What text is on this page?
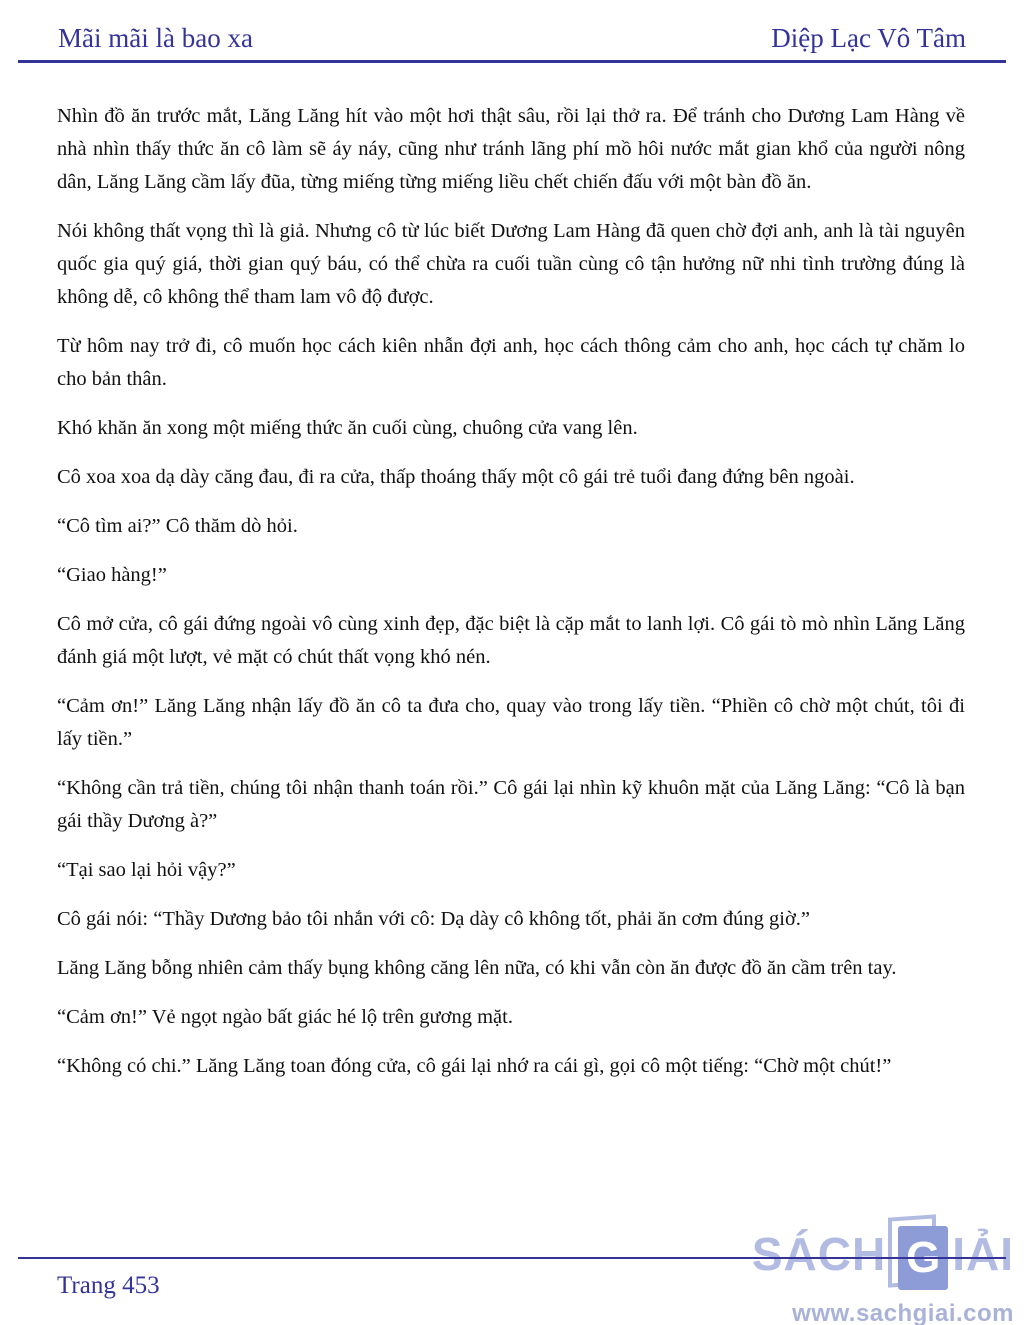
Mãi mãi là bao xa	Diệp Lạc Vô Tâm

Nhìn đồ ăn trước mắt, Lăng Lăng hít vào một hơi thật sâu, rồi lại thở ra. Để tránh cho Dương Lam Hàng về nhà nhìn thấy thức ăn cô làm sẽ áy náy, cũng như tránh lãng phí mồ hôi nước mắt gian khổ của người nông dân, Lăng Lăng cầm lấy đũa, từng miếng từng miếng liều chết chiến đấu với một bàn đồ ăn.

Nói không thất vọng thì là giả. Nhưng cô từ lúc biết Dương Lam Hàng đã quen chờ đợi anh, anh là tài nguyên quốc gia quý giá, thời gian quý báu, có thể chừa ra cuối tuần cùng cô tận hưởng nữ nhi tình trường đúng là không dễ, cô không thể tham lam vô độ được.

Từ hôm nay trở đi, cô muốn học cách kiên nhẫn đợi anh, học cách thông cảm cho anh, học cách tự chăm lo cho bản thân.

Khó khăn ăn xong một miếng thức ăn cuối cùng, chuông cửa vang lên.

Cô xoa xoa dạ dày căng đau, đi ra cửa, thấp thoáng thấy một cô gái trẻ tuổi đang đứng bên ngoài.

“Cô tìm ai?” Cô thăm dò hỏi.

“Giao hàng!”

Cô mở cửa, cô gái đứng ngoài vô cùng xinh đẹp, đặc biệt là cặp mắt to lanh lợi. Cô gái tò mò nhìn Lăng Lăng đánh giá một lượt, vẻ mặt có chút thất vọng khó nén.

“Cảm ơn!” Lăng Lăng nhận lấy đồ ăn cô ta đưa cho, quay vào trong lấy tiền. “Phiền cô chờ một chút, tôi đi lấy tiền.”

“Không cần trả tiền, chúng tôi nhận thanh toán rồi.” Cô gái lại nhìn kỹ khuôn mặt của Lăng Lăng: “Cô là bạn gái thầy Dương à?”

“Tại sao lại hỏi vậy?”

Cô gái nói: “Thầy Dương bảo tôi nhắn với cô: Dạ dày cô không tốt, phải ăn cơm đúng giờ.”

Lăng Lăng bỗng nhiên cảm thấy bụng không căng lên nữa, có khi vẫn còn ăn được đồ ăn cầm trên tay.

“Cảm ơn!” Vẻ ngọt ngào bất giác hé lộ trên gương mặt.

“Không có chi.” Lăng Lăng toan đóng cửa, cô gái lại nhớ ra cái gì, gọi cô một tiếng: “Chờ một chút!”

SÁCH G IẢI
www.sachgiai.com
Trang 453
